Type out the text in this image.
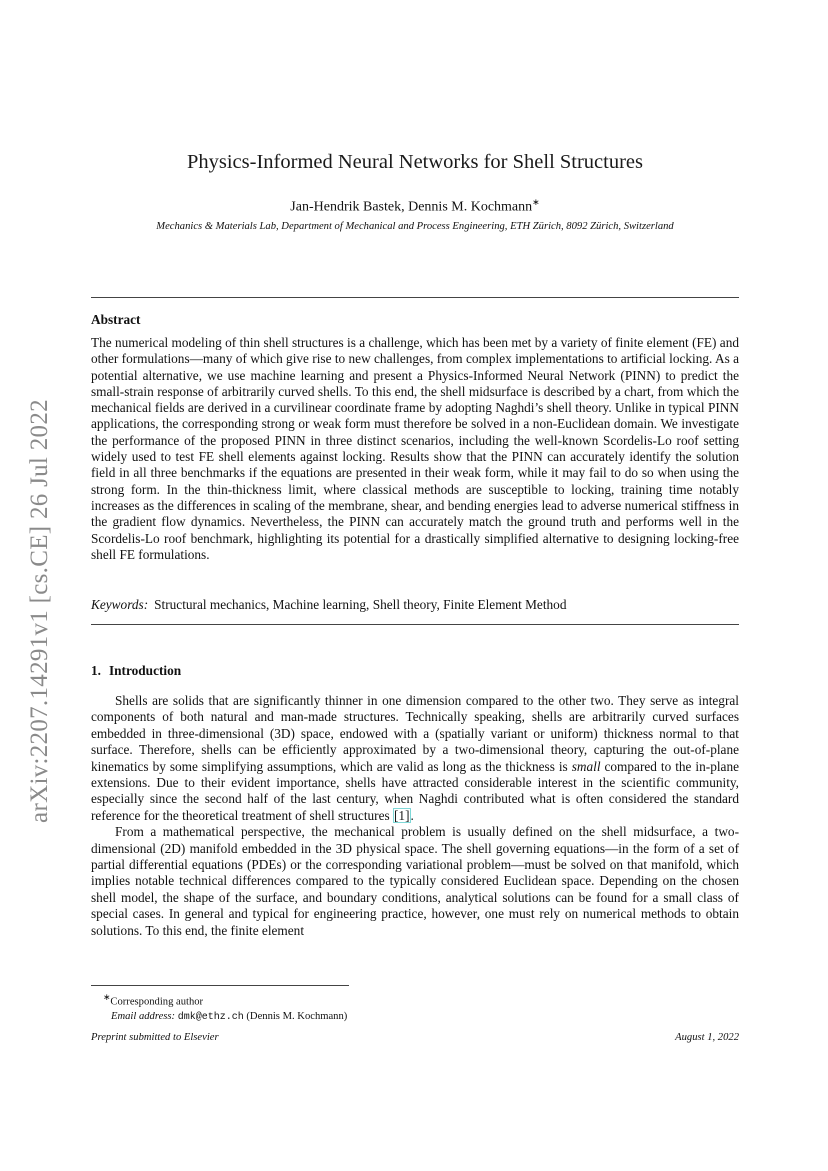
arXiv:2207.14291v1 [cs.CE] 26 Jul 2022
Physics-Informed Neural Networks for Shell Structures
Jan-Hendrik Bastek, Dennis M. Kochmann∗
Mechanics & Materials Lab, Department of Mechanical and Process Engineering, ETH Zürich, 8092 Zürich, Switzerland
Abstract

The numerical modeling of thin shell structures is a challenge, which has been met by a variety of finite element (FE) and other formulations—many of which give rise to new challenges, from complex implementations to artificial locking. As a potential alternative, we use machine learning and present a Physics-Informed Neural Network (PINN) to predict the small-strain response of arbitrarily curved shells. To this end, the shell midsurface is described by a chart, from which the mechanical fields are derived in a curvilinear coordinate frame by adopting Naghdi’s shell theory. Unlike in typical PINN applications, the corresponding strong or weak form must therefore be solved in a non-Euclidean domain. We investigate the performance of the proposed PINN in three distinct scenarios, including the well-known Scordelis-Lo roof setting widely used to test FE shell elements against locking. Results show that the PINN can accurately identify the solution field in all three benchmarks if the equations are presented in their weak form, while it may fail to do so when using the strong form. In the thin-thickness limit, where classical methods are susceptible to locking, training time notably increases as the differences in scaling of the membrane, shear, and bending energies lead to adverse numerical stiffness in the gradient flow dynamics. Nevertheless, the PINN can accurately match the ground truth and performs well in the Scordelis-Lo roof benchmark, highlighting its potential for a drastically simplified alternative to designing locking-free shell FE formulations.

Keywords: Structural mechanics, Machine learning, Shell theory, Finite Element Method
1. Introduction

Shells are solids that are significantly thinner in one dimension compared to the other two. They serve as integral components of both natural and man-made structures. Technically speaking, shells are arbitrarily curved surfaces embedded in three-dimensional (3D) space, endowed with a (spatially variant or uniform) thickness normal to that surface. Therefore, shells can be efficiently approximated by a two-dimensional theory, capturing the out-of-plane kinematics by some simplifying assumptions, which are valid as long as the thickness is small compared to the in-plane extensions. Due to their evident importance, shells have attracted considerable interest in the scientific community, especially since the second half of the last century, when Naghdi contributed what is often considered the standard reference for the theoretical treatment of shell structures [1].

From a mathematical perspective, the mechanical problem is usually defined on the shell midsurface, a two-dimensional (2D) manifold embedded in the 3D physical space. The shell governing equations—in the form of a set of partial differential equations (PDEs) or the corresponding variational problem—must be solved on that manifold, which implies notable technical differences compared to the typically considered Euclidean space. Depending on the chosen shell model, the shape of the surface, and boundary conditions, analytical solutions can be found for a small class of special cases. In general and typical for engineering practice, however, one must rely on numerical methods to obtain solutions. To this end, the finite element

∗Corresponding author
Email address: dmk@ethz.ch (Dennis M. Kochmann)
Preprint submitted to Elsevier	August 1, 2022
